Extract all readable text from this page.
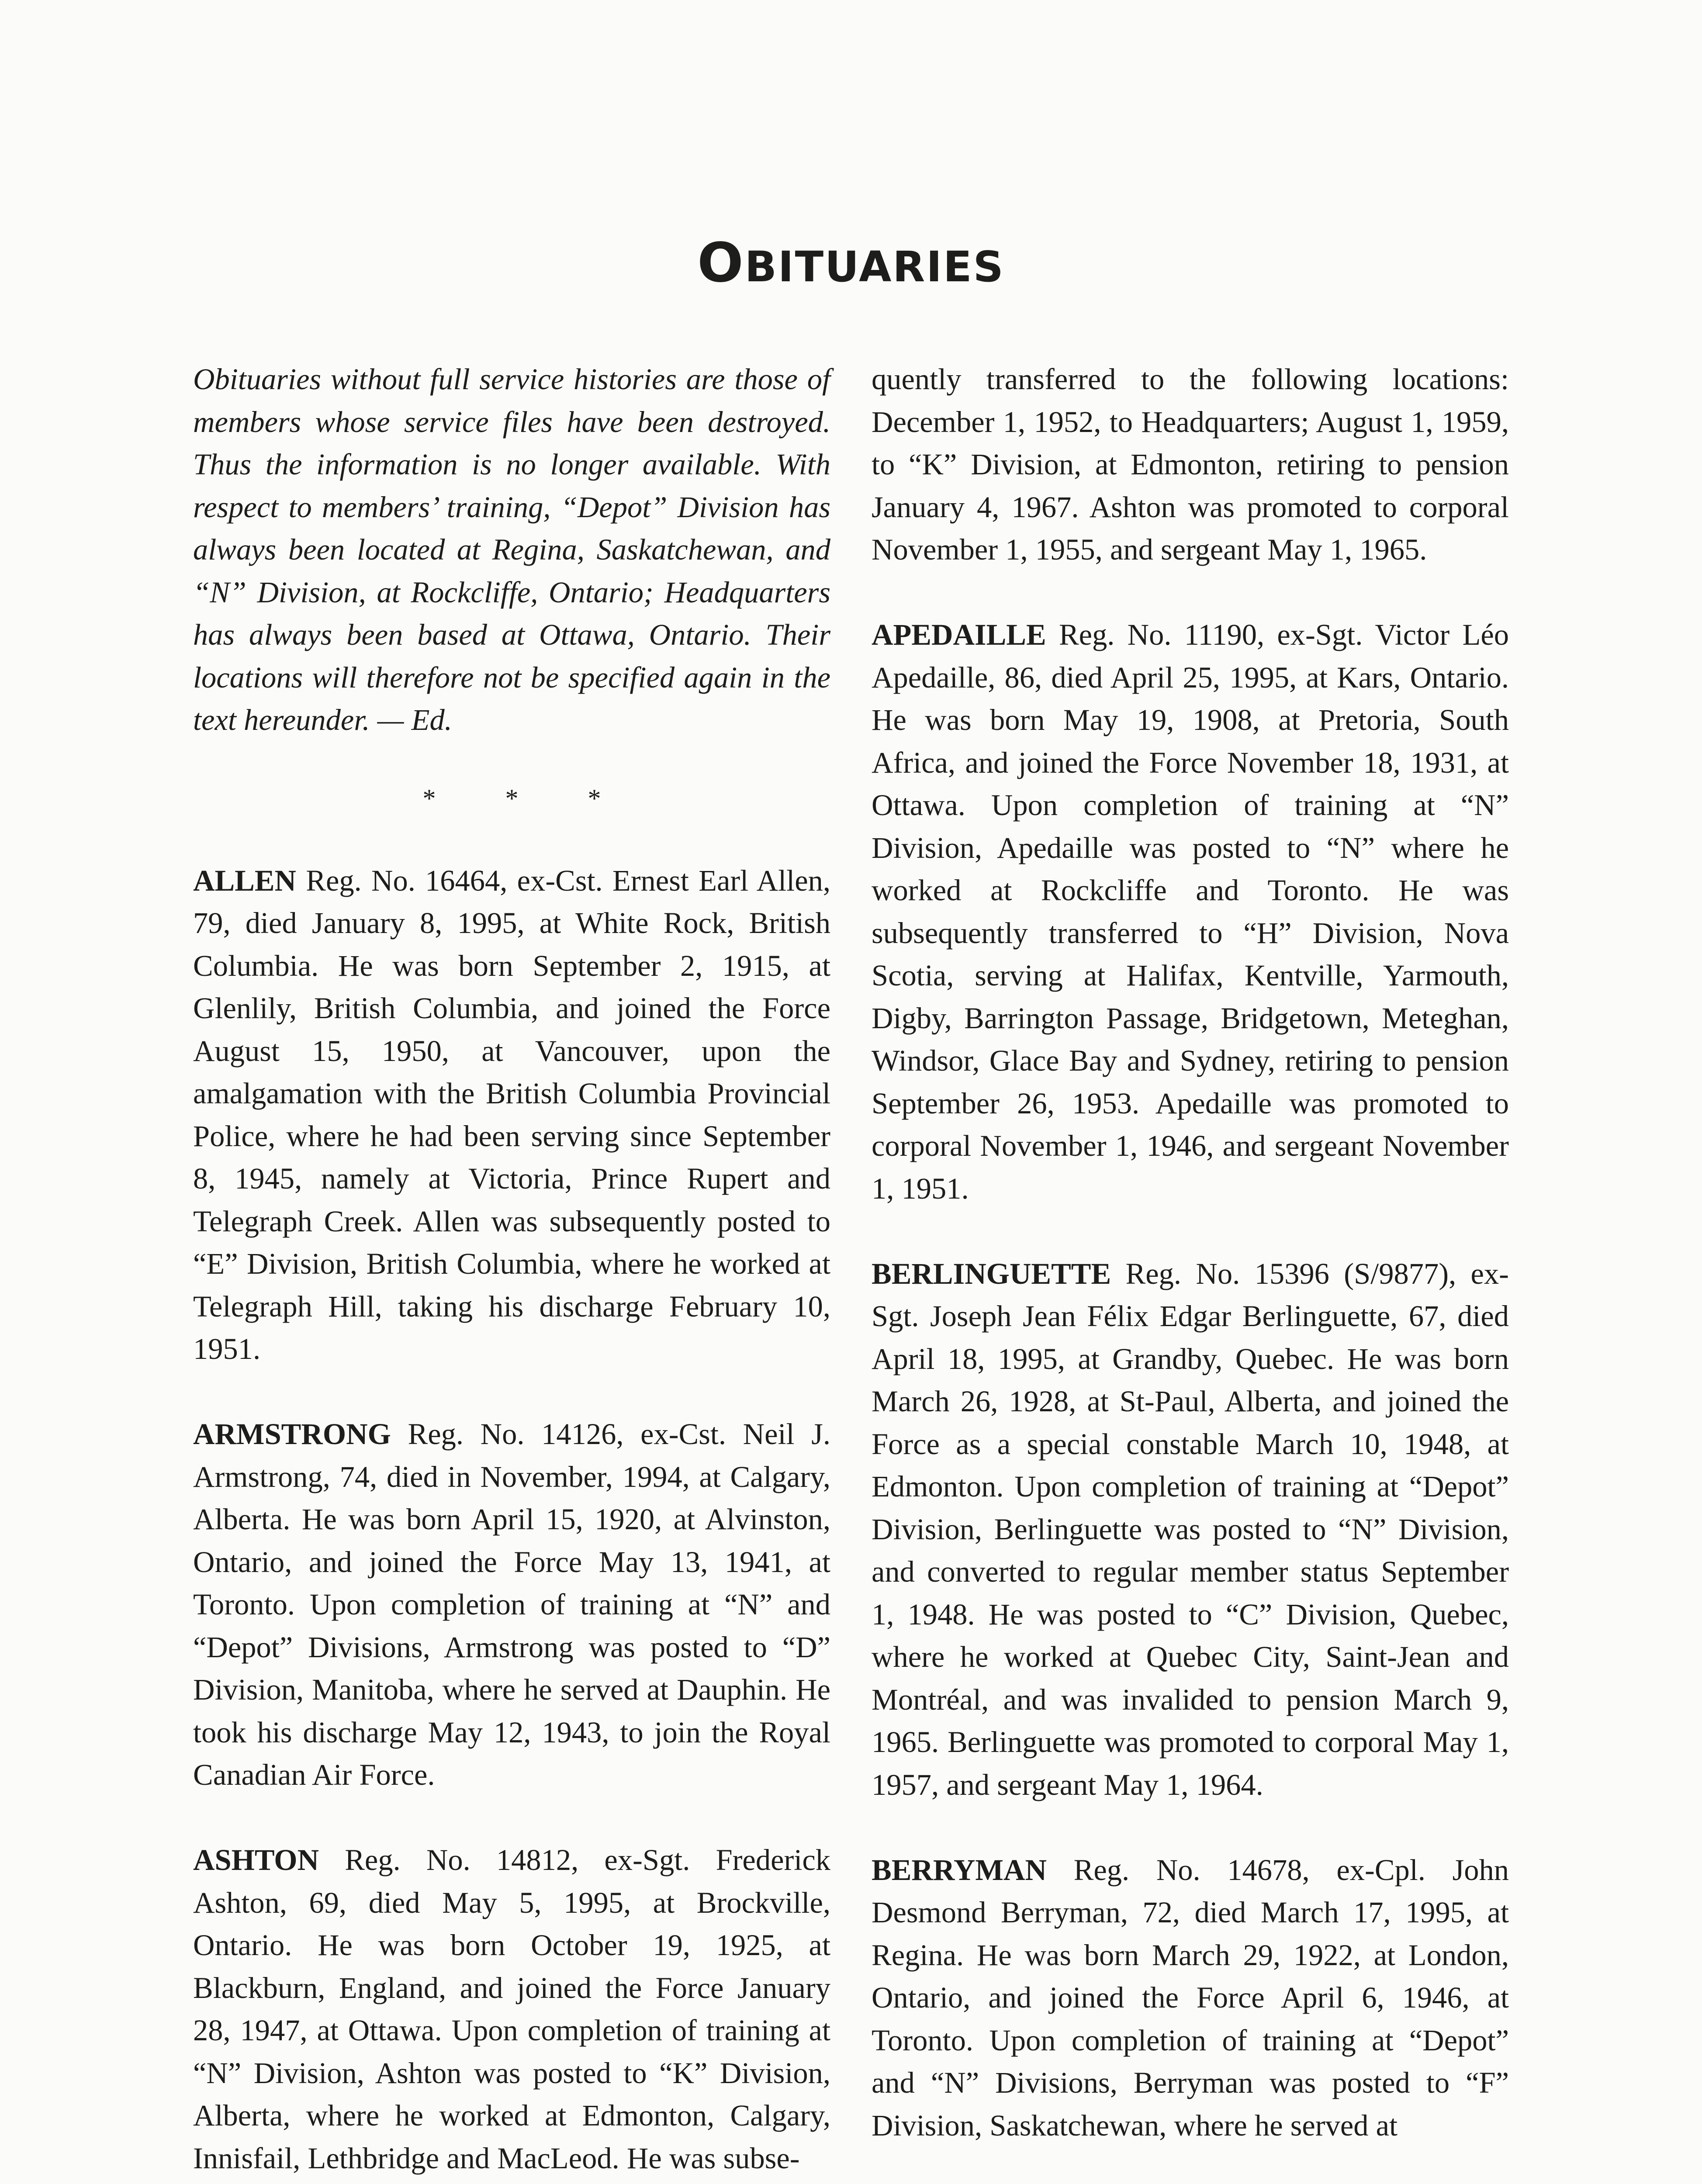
OBITUARIES

Obituaries without full service histories are those of members whose service files have been destroyed. Thus the information is no longer available. With respect to members’ training, “Depot” Division has always been located at Regina, Saskatchewan, and “N” Division, at Rockcliffe, Ontario; Headquarters has always been based at Ottawa, Ontario. Their locations will therefore not be specified again in the text hereunder. — Ed.

* * *

ALLEN Reg. No. 16464, ex-Cst. Ernest Earl Allen, 79, died January 8, 1995, at White Rock, British Columbia. He was born September 2, 1915, at Glenlily, British Columbia, and joined the Force August 15, 1950, at Vancouver, upon the amalgamation with the British Columbia Provincial Police, where he had been serving since September 8, 1945, namely at Victoria, Prince Rupert and Telegraph Creek. Allen was subsequently posted to “E” Division, British Columbia, where he worked at Telegraph Hill, taking his discharge February 10, 1951.

ARMSTRONG Reg. No. 14126, ex-Cst. Neil J. Armstrong, 74, died in November, 1994, at Calgary, Alberta. He was born April 15, 1920, at Alvinston, Ontario, and joined the Force May 13, 1941, at Toronto. Upon completion of training at “N” and “Depot” Divisions, Armstrong was posted to “D” Division, Manitoba, where he served at Dauphin. He took his discharge May 12, 1943, to join the Royal Canadian Air Force.

ASHTON Reg. No. 14812, ex-Sgt. Frederick Ashton, 69, died May 5, 1995, at Brockville, Ontario. He was born October 19, 1925, at Blackburn, England, and joined the Force January 28, 1947, at Ottawa. Upon completion of training at “N” Division, Ashton was posted to “K” Division, Alberta, where he worked at Edmonton, Calgary, Innisfail, Lethbridge and MacLeod. He was subse-

quently transferred to the following locations: December 1, 1952, to Headquarters; August 1, 1959, to “K” Division, at Edmonton, retiring to pension January 4, 1967. Ashton was promoted to corporal November 1, 1955, and sergeant May 1, 1965.

APEDAILLE Reg. No. 11190, ex-Sgt. Victor Léo Apedaille, 86, died April 25, 1995, at Kars, Ontario. He was born May 19, 1908, at Pretoria, South Africa, and joined the Force November 18, 1931, at Ottawa. Upon completion of training at “N” Division, Apedaille was posted to “N” where he worked at Rockcliffe and Toronto. He was subsequently transferred to “H” Division, Nova Scotia, serving at Halifax, Kentville, Yarmouth, Digby, Barrington Passage, Bridgetown, Meteghan, Windsor, Glace Bay and Sydney, retiring to pension September 26, 1953. Apedaille was promoted to corporal November 1, 1946, and sergeant November 1, 1951.

BERLINGUETTE Reg. No. 15396 (S/9877), ex-Sgt. Joseph Jean Félix Edgar Berlinguette, 67, died April 18, 1995, at Grandby, Quebec. He was born March 26, 1928, at St-Paul, Alberta, and joined the Force as a special constable March 10, 1948, at Edmonton. Upon completion of training at “Depot” Division, Berlinguette was posted to “N” Division, and converted to regular member status September 1, 1948. He was posted to “C” Division, Quebec, where he worked at Quebec City, Saint-Jean and Montréal, and was invalided to pension March 9, 1965. Berlinguette was promoted to corporal May 1, 1957, and sergeant May 1, 1964.

BERRYMAN Reg. No. 14678, ex-Cpl. John Desmond Berryman, 72, died March 17, 1995, at Regina. He was born March 29, 1922, at London, Ontario, and joined the Force April 6, 1946, at Toronto. Upon completion of training at “Depot” and “N” Divisions, Berryman was posted to “F” Division, Saskatchewan, where he served at
